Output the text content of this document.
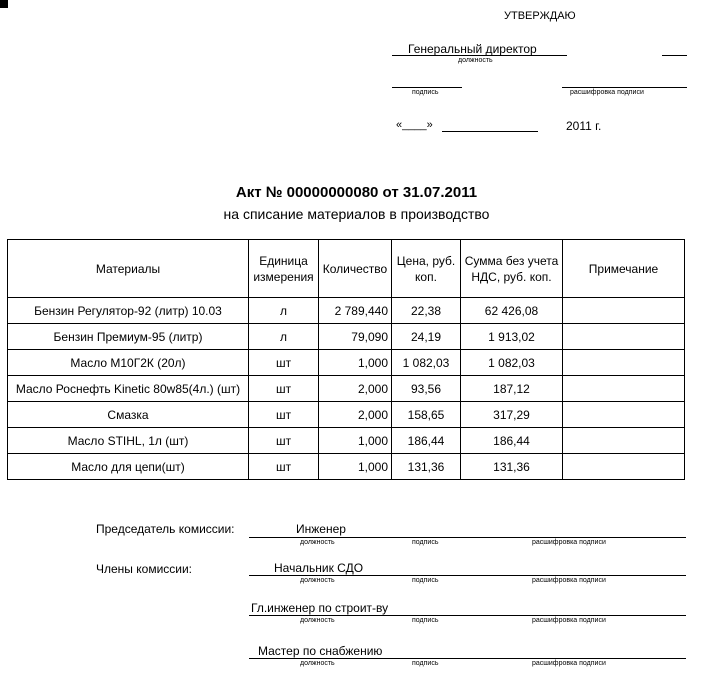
УТВЕРЖДАЮ
Генеральный директор
должность
подпись	расшифровка подписи
«____»	2011 г.
Акт № 00000000080 от 31.07.2011
на списание материалов в производство
Материалы	Единица измерения	Количество	Цена, руб. коп.	Сумма без учета НДС, руб. коп.	Примечание
Бензин Регулятор-92 (литр) 10.03	л	2 789,440	22,38	62 426,08	
Бензин Премиум-95 (литр)	л	79,090	24,19	1 913,02	
Масло М10Г2К (20л)	шт	1,000	1 082,03	1 082,03	
Масло Роснефть Kinetic 80w85(4л.) (шт)	шт	2,000	93,56	187,12	
Смазка	шт	2,000	158,65	317,29	
Масло STIHL, 1л (шт)	шт	1,000	186,44	186,44	
Масло для цепи(шт)	шт	1,000	131,36	131,36	
Председатель комиссии:
Члены комиссии:
Инженер
должность	подпись	расшифровка подписи
Начальник СДО
должность	подпись	расшифровка подписи
Гл.инженер по строит-ву
должность	подпись	расшифровка подписи
Мастер по снабжению
должность	подпись	расшифровка подписи
